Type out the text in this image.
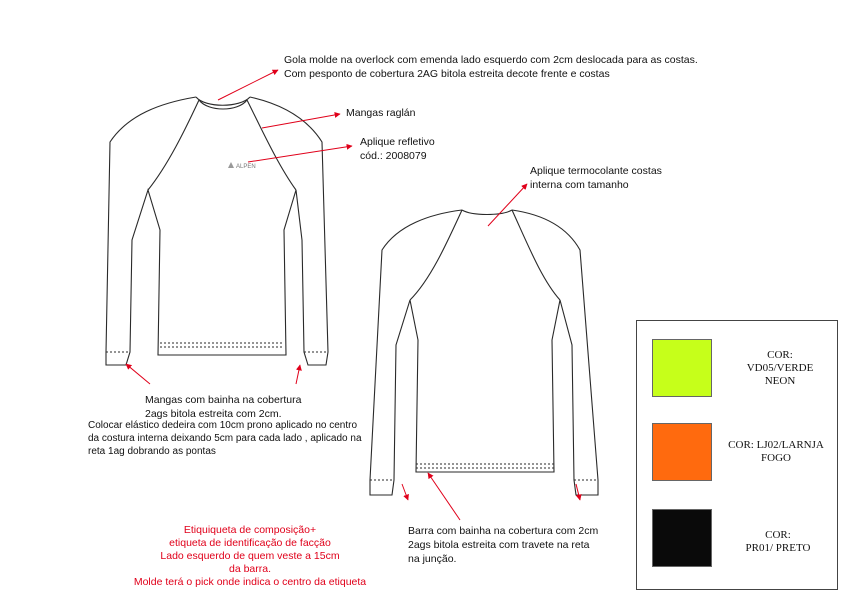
ALPEN
Gola molde na overlock com emenda lado esquerdo com 2cm deslocada para as costas.
Com pesponto de cobertura 2AG bitola estreita decote frente e costas
Mangas raglán
Aplique refletivo
cód.: 2008079
Aplique termocolante costas
interna com tamanho
Mangas com bainha na cobertura
2ags bitola estreita com 2cm.
Colocar elástico dedeira com 10cm prono aplicado no centro
da costura interna deixando 5cm para cada lado , aplicado na
reta 1ag dobrando as pontas
Barra com bainha na cobertura com 2cm
2ags bitola estreita com travete na reta
na junção.
Etiquiqueta de composição+
etiqueta de identificação de facção
Lado esquerdo de quem veste a 15cm
da barra.
Molde terá o pick onde indica o centro da etiqueta
COR:
VD05/VERDE
NEON
COR: LJ02/LARNJA
FOGO
COR:
PR01/ PRETO
